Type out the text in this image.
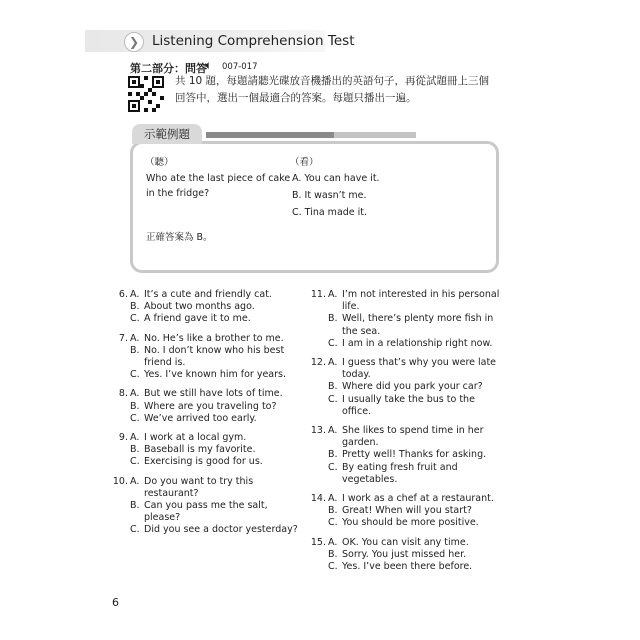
❯ Listening Comprehension Test
第二部分：問答
🔈︎ 007-017
共 10 題，每題請聽光碟放音機播出的英語句子，再從試題冊上三個回答中，選出一個最適合的答案。每題只播出一遍。
示範例題
（聽）
Who ate the last piece of cake
in the fridge?
（看）
A. You can have it.
B. It wasn’t me.
C. Tina made it.
正確答案為 B。
6. A. It’s a cute and friendly cat.
B. About two months ago.
C. A friend gave it to me.
7. A. No. He’s like a brother to me.
B. No. I don’t know who his best friend is.
C. Yes. I’ve known him for years.
8. A. But we still have lots of time.
B. Where are you traveling to?
C. We’ve arrived too early.
9. A. I work at a local gym.
B. Baseball is my favorite.
C. Exercising is good for us.
10. A. Do you want to try this restaurant?
B. Can you pass me the salt, please?
C. Did you see a doctor yesterday?
11. A. I’m not interested in his personal life.
B. Well, there’s plenty more fish in the sea.
C. I am in a relationship right now.
12. A. I guess that’s why you were late today.
B. Where did you park your car?
C. I usually take the bus to the office.
13. A. She likes to spend time in her garden.
B. Pretty well! Thanks for asking.
C. By eating fresh fruit and vegetables.
14. A. I work as a chef at a restaurant.
B. Great! When will you start?
C. You should be more positive.
15. A. OK. You can visit any time.
B. Sorry. You just missed her.
C. Yes. I’ve been there before.
6
